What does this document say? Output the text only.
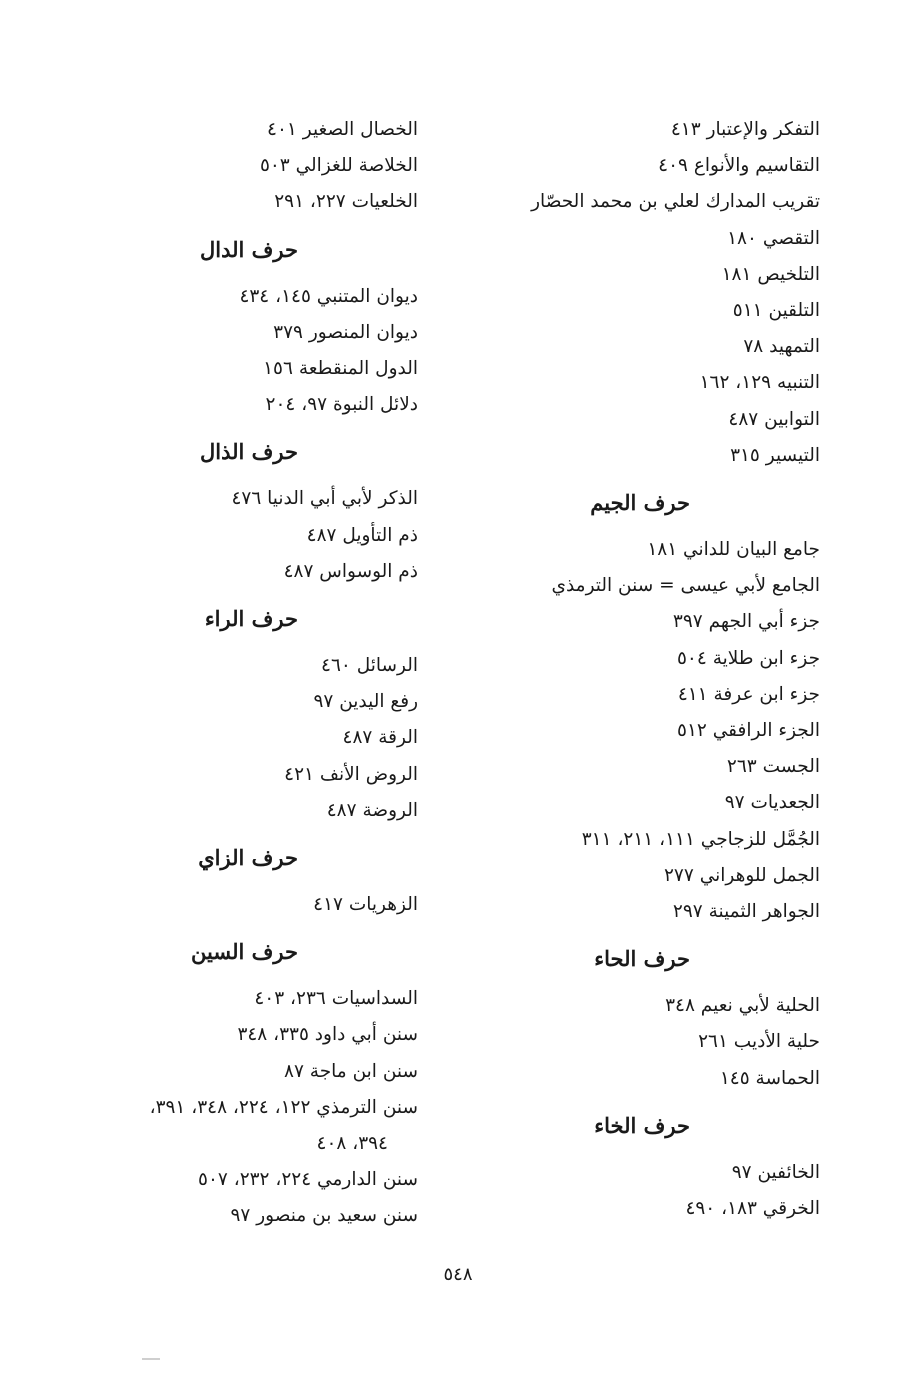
التفكر والإعتبار ٤١٣
التقاسيم والأنواع ٤٠٩
تقريب المدارك لعلي بن محمد الحصّار
التقصي ١٨٠
التلخيص ١٨١
التلقين ٥١١
التمهيد ٧٨
التنبيه ١٢٩، ١٦٢
التوابين ٤٨٧
التيسير ٣١٥
حرف الجيم
جامع البيان للداني ١٨١
الجامع لأبي عيسى = سنن الترمذي
جزء أبي الجهم ٣٩٧
جزء ابن طلاية ٥٠٤
جزء ابن عرفة ٤١١
الجزء الرافقي ٥١٢
الجست ٢٦٣
الجعديات ٩٧
الجُمَّل للزجاجي ١١١، ٢١١، ٣١١
الجمل للوهراني ٢٧٧
الجواهر الثمينة ٢٩٧
حرف الحاء
الحلية لأبي نعيم ٣٤٨
حلية الأديب ٢٦١
الحماسة ١٤٥
حرف الخاء
الخائفين ٩٧
الخرقي ١٨٣، ٤٩٠
الخصال الصغير ٤٠١
الخلاصة للغزالي ٥٠٣
الخلعيات ٢٢٧، ٢٩١
حرف الدال
ديوان المتنبي ١٤٥، ٤٣٤
ديوان المنصور ٣٧٩
الدول المنقطعة ١٥٦
دلائل النبوة ٩٧، ٢٠٤
حرف الذال
الذكر لأبي أبي الدنيا ٤٧٦
ذم التأويل ٤٨٧
ذم الوسواس ٤٨٧
حرف الراء
الرسائل ٤٦٠
رفع اليدين ٩٧
الرقة ٤٨٧
الروض الأنف ٤٢١
الروضة ٤٨٧
حرف الزاي
الزهريات ٤١٧
حرف السين
السداسيات ٢٣٦، ٤٠٣
سنن أبي داود ٣٣٥، ٣٤٨
سنن ابن ماجة ٨٧
سنن الترمذي ١٢٢، ٢٢٤، ٣٤٨، ٣٩١،
٣٩٤، ٤٠٨
سنن الدارمي ٢٢٤، ٢٣٢، ٥٠٧
سنن سعيد بن منصور ٩٧
٥٤٨
